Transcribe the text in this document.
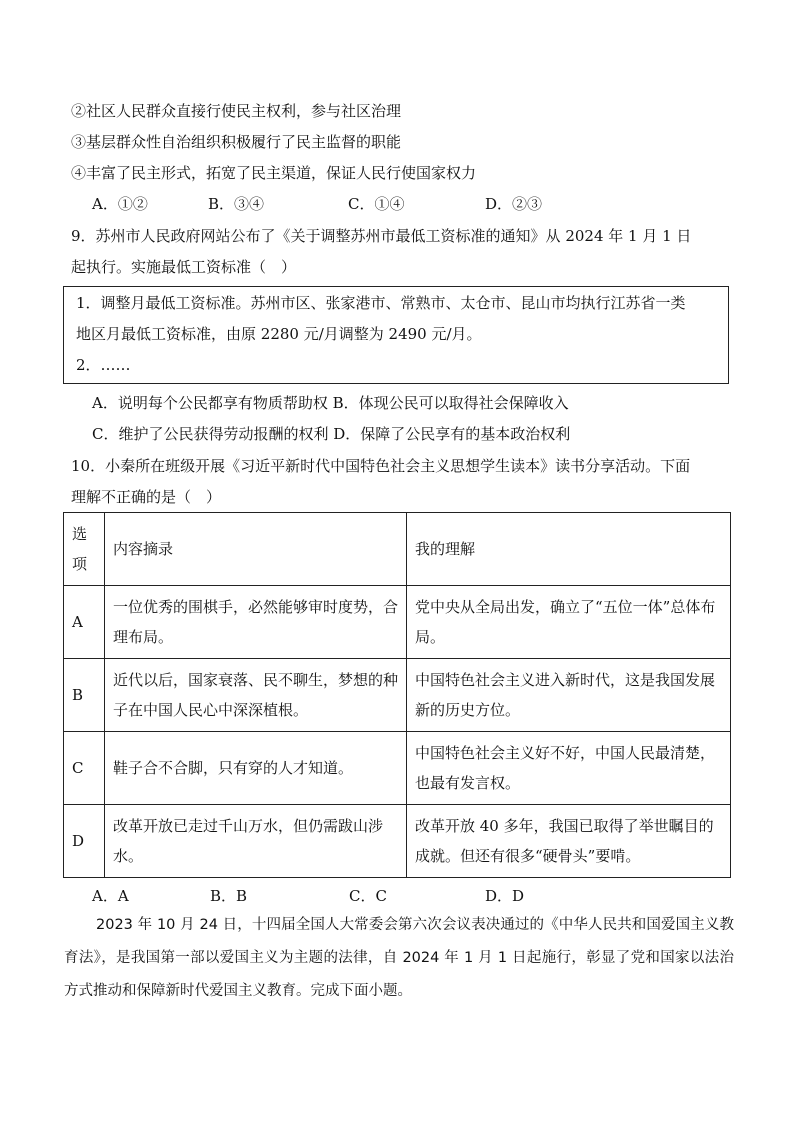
②社区人民群众直接行使民主权利，参与社区治理
③基层群众性自治组织积极履行了民主监督的职能
④丰富了民主形式，拓宽了民主渠道，保证人民行使国家权力
A．①②	B．③④	C．①④	D．②③
9．苏州市人民政府网站公布了《关于调整苏州市最低工资标准的通知》从 2024 年 1 月 1 日
起执行。实施最低工资标准（　）
1．调整月最低工资标准。苏州市区、张家港市、常熟市、太仓市、昆山市均执行江苏省一类
地区月最低工资标准，由原 2280 元/月调整为 2490 元/月。
2．……
A．说明每个公民都享有物质帮助权 B．体现公民可以取得社会保障收入
C．维护了公民获得劳动报酬的权利 D．保障了公民享有的基本政治权利
10．小秦所在班级开展《习近平新时代中国特色社会主义思想学生读本》读书分享活动。下面
理解不正确的是（　）
选项	内容摘录	我的理解
A	一位优秀的围棋手，必然能够审时度势，合理布局。	党中央从全局出发，确立了“五位一体”总体布局。
B	近代以后，国家衰落、民不聊生，梦想的种子在中国人民心中深深植根。	中国特色社会主义进入新时代，这是我国发展新的历史方位。
C	鞋子合不合脚，只有穿的人才知道。	中国特色社会主义好不好，中国人民最清楚，也最有发言权。
D	改革开放已走过千山万水，但仍需跋山涉水。	改革开放 40 多年，我国已取得了举世瞩目的成就。但还有很多“硬骨头”要啃。
A．A	B．B	C．C	D．D
2023 年 10 月 24 日，十四届全国人大常委会第六次会议表决通过的《中华人民共和国爱国主义教育法》，是我国第一部以爱国主义为主题的法律，自 2024 年 1 月 1 日起施行，彰显了党和国家以法治方式推动和保障新时代爱国主义教育。完成下面小题。
